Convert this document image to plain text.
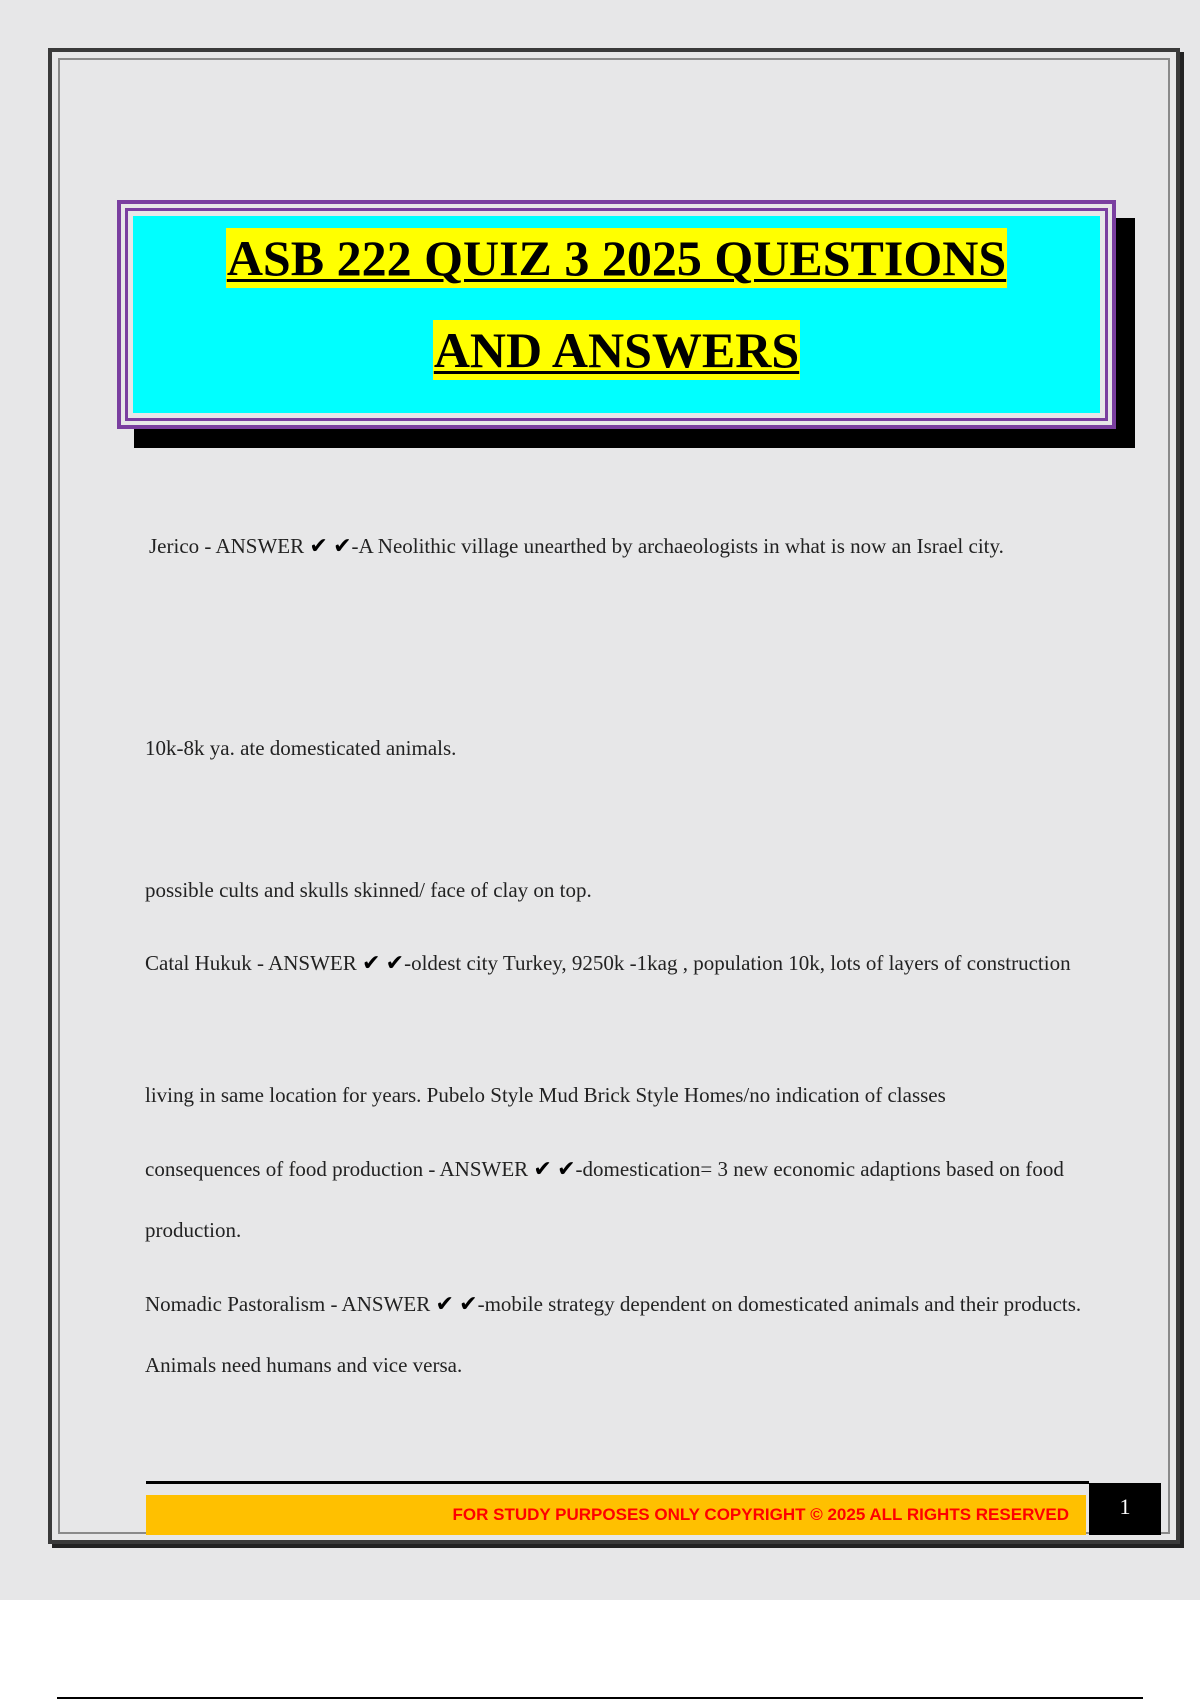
ASB 222 QUIZ 3 2025 QUESTIONS
AND ANSWERS
Jerico - ANSWER ✔ ✔-A Neolithic village unearthed by archaeologists in what is now an Israel city.
10k-8k ya. ate domesticated animals.
possible cults and skulls skinned/ face of clay on top.
Catal Hukuk - ANSWER ✔ ✔-oldest city Turkey, 9250k -1kag , population 10k, lots of layers of construction
living in same location for years. Pubelo Style Mud Brick Style Homes/no indication of classes
consequences of food production - ANSWER ✔ ✔-domestication= 3 new economic adaptions based on food production.
Nomadic Pastoralism - ANSWER ✔ ✔-mobile strategy dependent on domesticated animals and their products. Animals need humans and vice versa.
FOR STUDY PURPOSES ONLY COPYRIGHT © 2025 ALL RIGHTS RESERVED	1
